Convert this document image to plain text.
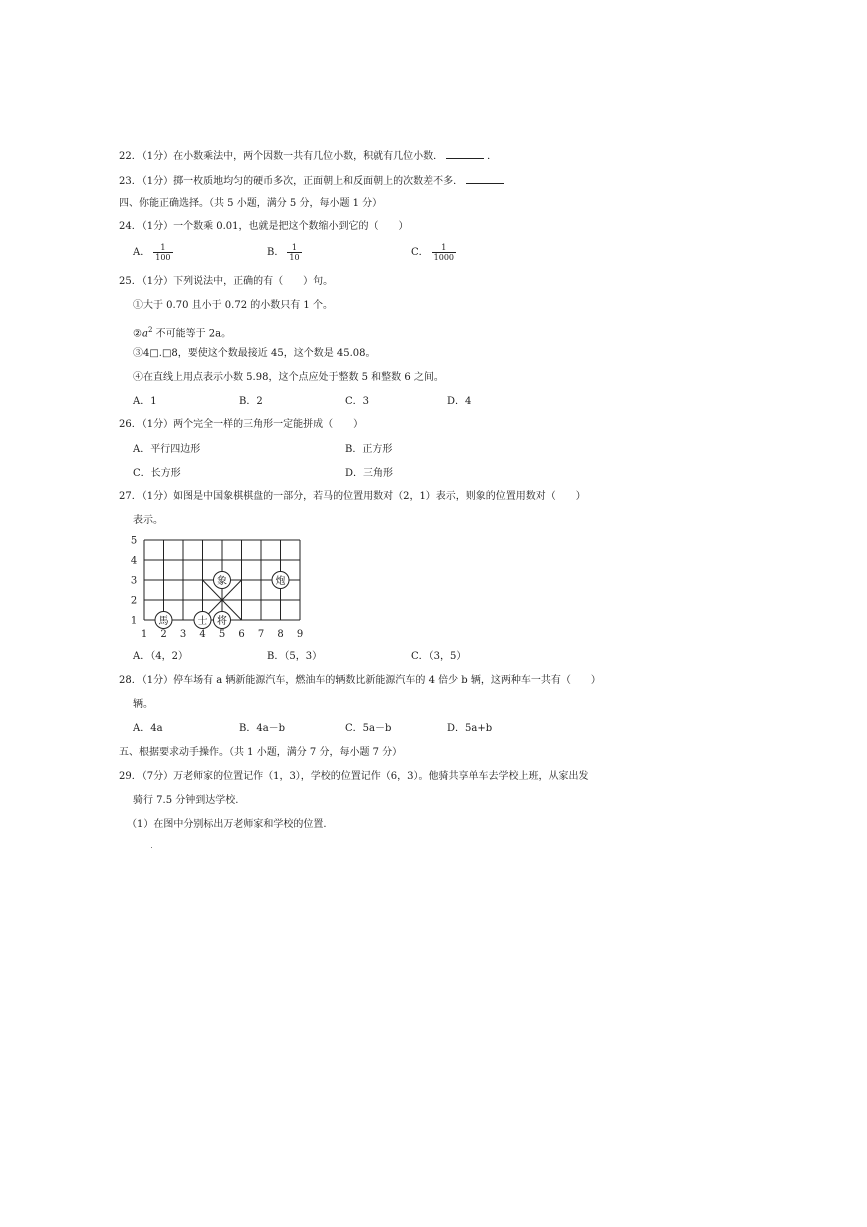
22．（1分）在小数乘法中，两个因数一共有几位小数，积就有几位小数．	．
23．（1分）掷一枚质地均匀的硬币多次，正面朝上和反面朝上的次数差不多．
四、你能正确选择。（共 5 小题，满分 5 分，每小题 1 分）
24．（1分）一个数乘 0.01，也就是把这个数缩小到它的（　　）
A． $\frac{1}{100}$	B． $\frac{1}{10}$	C． $\frac{1}{1000}$
25．（1分）下列说法中，正确的有（　　）句。
①大于 0.70 且小于 0.72 的小数只有 1 个。
$②a^2$ 不可能等于 2a。
③4□.□8，要使这个数最接近 45，这个数是 45.08。
④在直线上用点表示小数 5.98，这个点应处于整数 5 和整数 6 之间。
A．1	B．2	C．3	D．4
26．（1分）两个完全一样的三角形一定能拼成（　　）
A．平行四边形	B．正方形
C．长方形	D．三角形
27．（1分）如图是中国象棋棋盘的一部分，若马的位置用数对（2，1）表示，则象的位置用数对（　　）
表示。
1
2
3
4
5
1 2 3 4 5 6 7 8 9
馬	士 将
象	炮
A．（4，2）	B．（5，3）	C．（3，5）
28．（1分）停车场有 a 辆新能源汽车，燃油车的辆数比新能源汽车的 4 倍少 b 辆，这两种车一共有（　　）
辆。
A．4a	B．4a－b	C．5a－b	D．5a+b
五、根据要求动手操作。（共 1 小题，满分 7 分，每小题 7 分）
29．（7分）万老师家的位置记作（1，3），学校的位置记作（6，3）。他骑共享单车去学校上班，从家出发
骑行 7.5 分钟到达学校.
（1）在图中分别标出万老师家和学校的位置.
